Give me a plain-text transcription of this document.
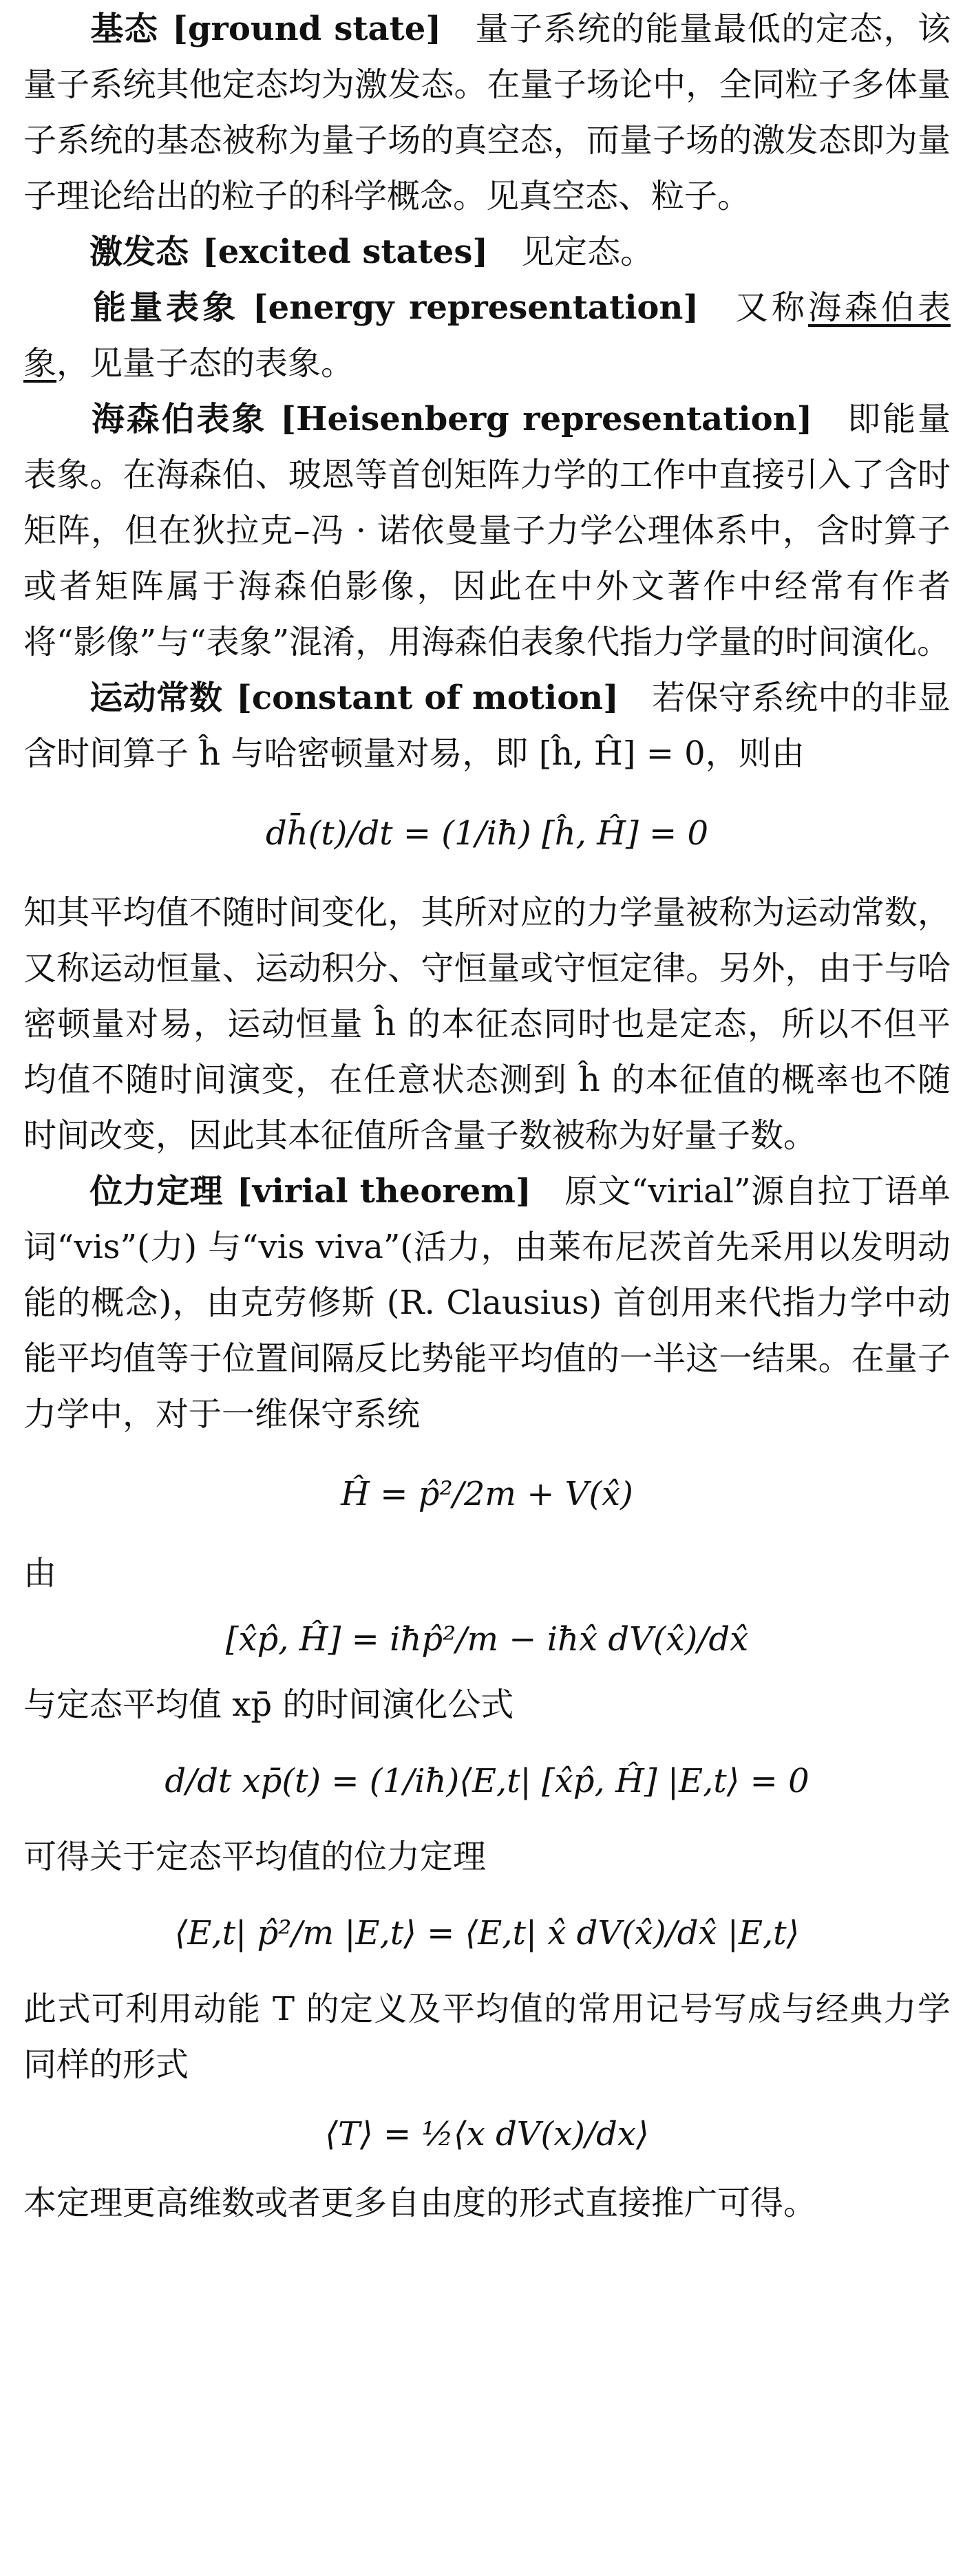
基态 [ground state] 量子系统的能量最低的定态，该量子系统其他定态均为激发态。在量子场论中，全同粒子多体量子系统的基态被称为量子场的真空态，而量子场的激发态即为量子理论给出的粒子的科学概念。见真空态、粒子。

激发态 [excited states] 见定态。

能量表象 [energy representation] 又称海森伯表象，见量子态的表象。

海森伯表象 [Heisenberg representation] 即能量表象。在海森伯、玻恩等首创矩阵力学的工作中直接引入了含时矩阵，但在狄拉克–冯 · 诺依曼量子力学公理体系中，含时算子或者矩阵属于海森伯影像，因此在中外文著作中经常有作者将“影像”与“表象”混淆，用海森伯表象代指力学量的时间演化。

运动常数 [constant of motion] 若保守系统中的非显含时间算子 ĥ 与哈密顿量对易，即 [ĥ, Ĥ] = 0，则由

dh̄(t)/dt = (1/iħ) [ĥ, Ĥ] = 0

知其平均值不随时间变化，其所对应的力学量被称为运动常数，又称运动恒量、运动积分、守恒量或守恒定律。另外，由于与哈密顿量对易，运动恒量 ĥ 的本征态同时也是定态，所以不但平均值不随时间演变，在任意状态测到 ĥ 的本征值的概率也不随时间改变，因此其本征值所含量子数被称为好量子数。

位力定理 [virial theorem] 原文“virial”源自拉丁语单词“vis”(力) 与“vis viva”(活力，由莱布尼茨首先采用以发明动能的概念)，由克劳修斯 (R. Clausius) 首创用来代指力学中动能平均值等于位置间隔反比势能平均值的一半这一结果。在量子力学中，对于一维保守系统

Ĥ = p̂²/2m + V(x̂)

由

[x̂p̂, Ĥ] = iħp̂²/m − iħx̂ dV(x̂)/dx̂

与定态平均值 xp̄ 的时间演化公式

d/dt xp̄(t) = (1/iħ)⟨E,t| [x̂p̂, Ĥ] |E,t⟩ = 0

可得关于定态平均值的位力定理

⟨E,t| p̂²/m |E,t⟩ = ⟨E,t| x̂ dV(x̂)/dx̂ |E,t⟩

此式可利用动能 T 的定义及平均值的常用记号写成与经典力学同样的形式

⟨T⟩ = ½⟨x dV(x)/dx⟩

本定理更高维数或者更多自由度的形式直接推广可得。
